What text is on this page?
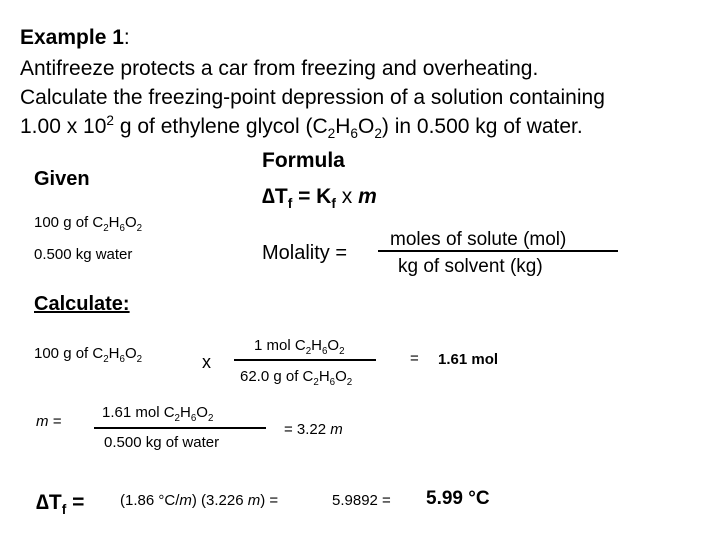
Example 1:
Antifreeze protects a car from freezing and overheating.
Calculate the freezing-point depression of a solution containing
1.00 x $10^2$ g of ethylene glycol $(C_2H_6O_2)$ in 0.500 kg of water.
Given
100 g of $C_2H_6O_2$
0.500 kg water
Formula
$\Delta T_f = K_f$ x m
Molality =
moles of solute (mol)
kg of solvent (kg)
Calculate:
100 g of $C_2H_6O_2$	x
1 mol $C_2H_6O_2$
62.0 g of $C_2H_6O_2$
= 1.61 mol
m =
1.61 mol $C_2H_6O_2$
0.500 kg of water
= 3.22 m
$\Delta T_f = (1.86$ °C/m) (3.226 m) =	5.9892 = 5.99 °C
